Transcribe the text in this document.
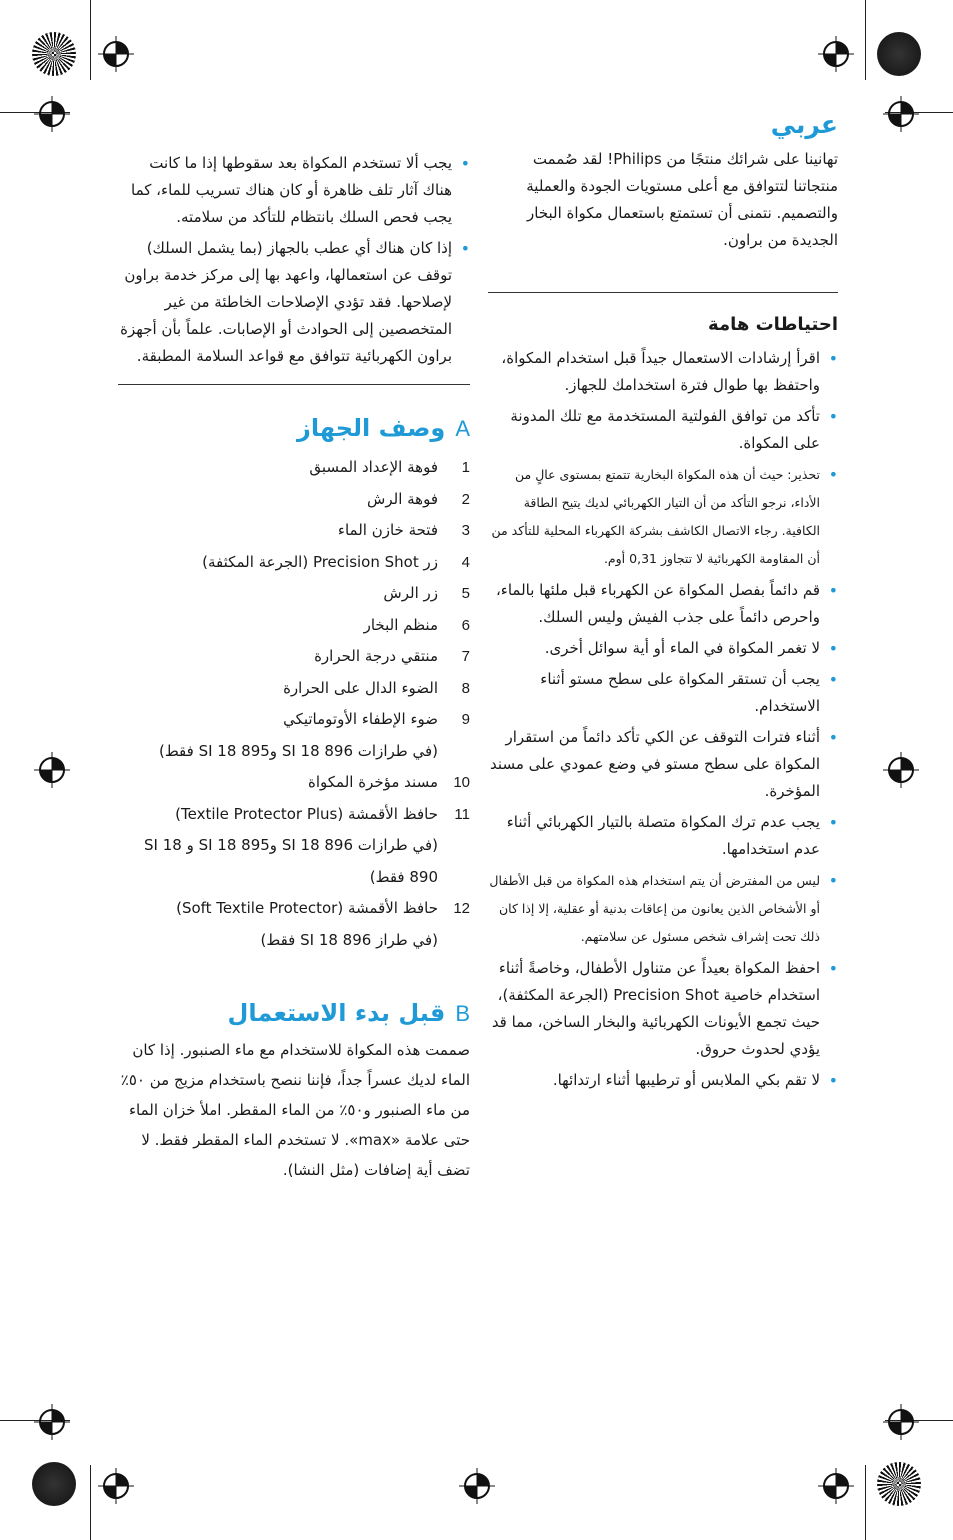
عربي

تهانينا على شرائك منتجًا من Philips! لقد صُممت منتجاتنا لتتوافق مع أعلى مستويات الجودة والعملية والتصميم. نتمنى أن تستمتع باستعمال مكواة البخار الجديدة من براون.

احتياطات هامة
• اقرأ إرشادات الاستعمال جيداً قبل استخدام المكواة، واحتفظ بها طوال فترة استخدامك للجهاز.
• تأكد من توافق الفولتية المستخدمة مع تلك المدونة على المكواة.
• تحذير: حيث أن هذه المكواة البخارية تتمتع بمستوى عالٍ من الأداء، نرجو التأكد من أن التيار الكهربائي لديك يتيح الطاقة الكافية. رجاء الاتصال الكاشف بشركة الكهرباء المحلية للتأكد من أن المقاومة الكهربائية لا تتجاوز 0,31 أوم.
• قم دائماً بفصل المكواة عن الكهرباء قبل ملئها بالماء، واحرص دائماً على جذب الفيش وليس السلك.
• لا تغمر المكواة في الماء أو أية سوائل أخرى.
• يجب أن تستقر المكواة على سطح مستو أثناء الاستخدام.
• أثناء فترات التوقف عن الكي تأكد دائماً من استقرار المكواة على سطح مستو في وضع عمودي على مسند المؤخرة.
• يجب عدم ترك المكواة متصلة بالتيار الكهربائي أثناء عدم استخدامها.
• ليس من المفترض أن يتم استخدام هذه المكواة من قبل الأطفال أو الأشخاص الذين يعانون من إعاقات بدنية أو عقلية، إلا إذا كان ذلك تحت إشراف شخص مسئول عن سلامتهم.
• احفظ المكواة بعيداً عن متناول الأطفال، وخاصةً أثناء استخدام خاصية Precision Shot (الجرعة المكثفة)، حيث تجمع الأيونات الكهربائية والبخار الساخن، مما قد يؤدي لحدوث حروق.
• لا تقم بكي الملابس أو ترطيبها أثناء ارتدائها.
• يجب ألا تستخدم المكواة بعد سقوطها إذا ما كانت هناك آثار تلف ظاهرة أو كان هناك تسريب للماء، كما يجب فحص السلك بانتظام للتأكد من سلامته.
• إذا كان هناك أي عطب بالجهاز (بما يشمل السلك) توقف عن استعمالها، واعهد بها إلى مركز خدمة براون لإصلاحها. فقد تؤدي الإصلاحات الخاطئة من غير المتخصصين إلى الحوادث أو الإصابات. علماً بأن أجهزة براون الكهربائية تتوافق مع قواعد السلامة المطبقة.
A
وصف الجهاز
1
فوهة الإعداد المسبق
2
فوهة الرش
3
فتحة خازن الماء
4
زر Precision Shot (الجرعة المكثفة)
5
زر الرش
6
منظم البخار
7
منتقي درجة الحرارة
8
الضوء الدال على الحرارة
9
ضوء الإطفاء الأوتوماتيكي
(في طرازات SI 18 896 وSI 18 895 فقط)
10
مسند مؤخرة المكواة
11
حافظ الأقمشة (Textile Protector Plus)
(في طرازات SI 18 896 وSI 18 895 و SI 18 890 فقط)
12
حافظ الأقمشة (Soft Textile Protector)
(في طراز SI 18 896 فقط)
B
قبل بدء الاستعمال

صممت هذه المكواة للاستخدام مع ماء الصنبور. إذا كان الماء لديك عسراً جداً، فإننا ننصح باستخدام مزيج من ٥٠٪ من ماء الصنبور و٥٠٪ من الماء المقطر. املأ خزان الماء حتى علامة «max». لا تستخدم الماء المقطر فقط. لا تضف أية إضافات (مثل النشا).
